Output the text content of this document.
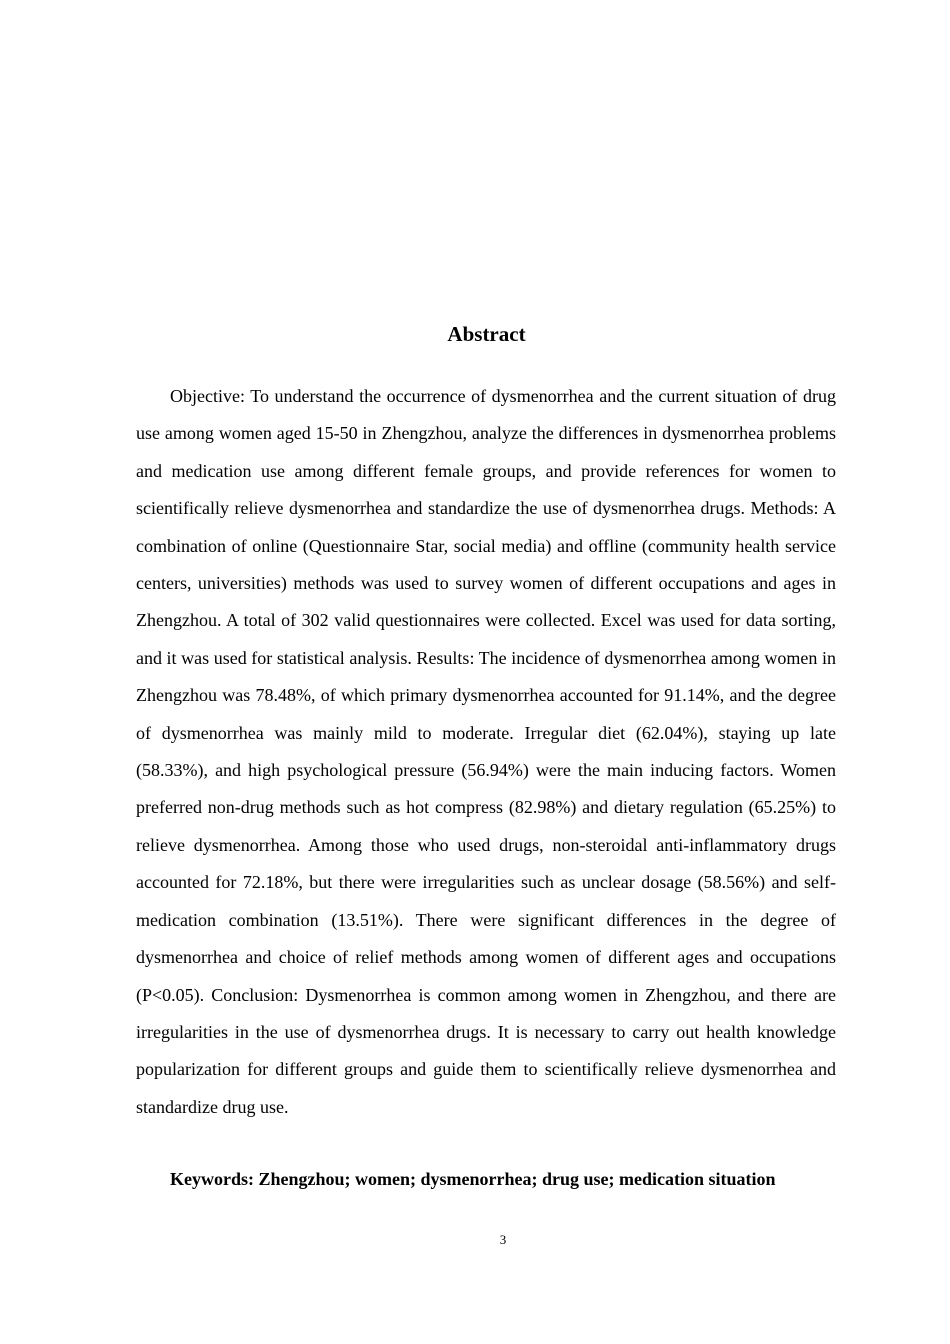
Abstract

Objective: To understand the occurrence of dysmenorrhea and the current situation of drug use among women aged 15-50 in Zhengzhou, analyze the differences in dysmenorrhea problems and medication use among different female groups, and provide references for women to scientifically relieve dysmenorrhea and standardize the use of dysmenorrhea drugs. Methods: A combination of online (Questionnaire Star, social media) and offline (community health service centers, universities) methods was used to survey women of different occupations and ages in Zhengzhou. A total of 302 valid questionnaires were collected. Excel was used for data sorting, and it was used for statistical analysis. Results: The incidence of dysmenorrhea among women in Zhengzhou was 78.48%, of which primary dysmenorrhea accounted for 91.14%, and the degree of dysmenorrhea was mainly mild to moderate. Irregular diet (62.04%), staying up late (58.33%), and high psychological pressure (56.94%) were the main inducing factors. Women preferred non-drug methods such as hot compress (82.98%) and dietary regulation (65.25%) to relieve dysmenorrhea. Among those who used drugs, non-steroidal anti-inflammatory drugs accounted for 72.18%, but there were irregularities such as unclear dosage (58.56%) and self-medication combination (13.51%). There were significant differences in the degree of dysmenorrhea and choice of relief methods among women of different ages and occupations (P<0.05). Conclusion: Dysmenorrhea is common among women in Zhengzhou, and there are irregularities in the use of dysmenorrhea drugs. It is necessary to carry out health knowledge popularization for different groups and guide them to scientifically relieve dysmenorrhea and standardize drug use.

Keywords: Zhengzhou; women; dysmenorrhea; drug use; medication situation

3
